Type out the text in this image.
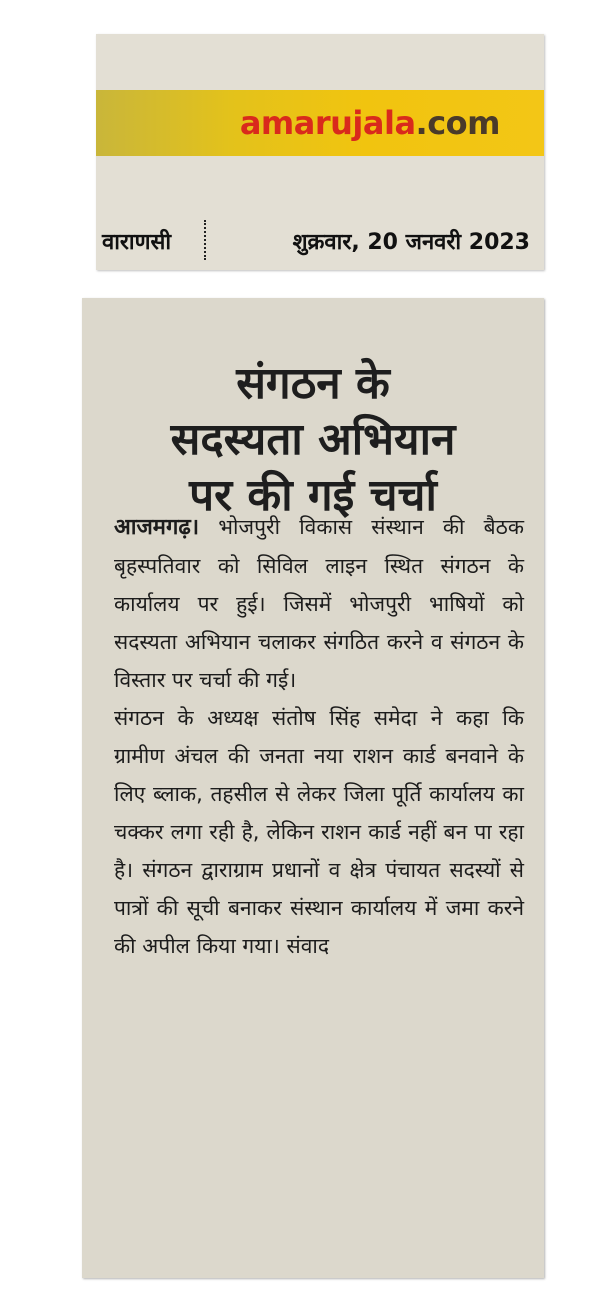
amarujala.com
वाराणसी	शुक्रवार, 20 जनवरी 2023
संगठन के
सदस्यता अभियान
पर की गई चर्चा

आजमगढ़। भोजपुरी विकास संस्थान की बैठक बृहस्पतिवार को सिविल लाइन स्थित संगठन के कार्यालय पर हुई। जिसमें भोजपुरी भाषियों को सदस्यता अभियान चलाकर संगठित करने व संगठन के विस्तार पर चर्चा की गई।

संगठन के अध्यक्ष संतोष सिंह समेदा ने कहा कि ग्रामीण अंचल की जनता नया राशन कार्ड बनवाने के लिए ब्लाक, तहसील से लेकर जिला पूर्ति कार्यालय का चक्कर लगा रही है, लेकिन राशन कार्ड नहीं बन पा रहा है। संगठन द्वाराग्राम प्रधानों व क्षेत्र पंचायत सदस्यों से पात्रों की सूची बनाकर संस्थान कार्यालय में जमा करने की अपील किया गया। संवाद
